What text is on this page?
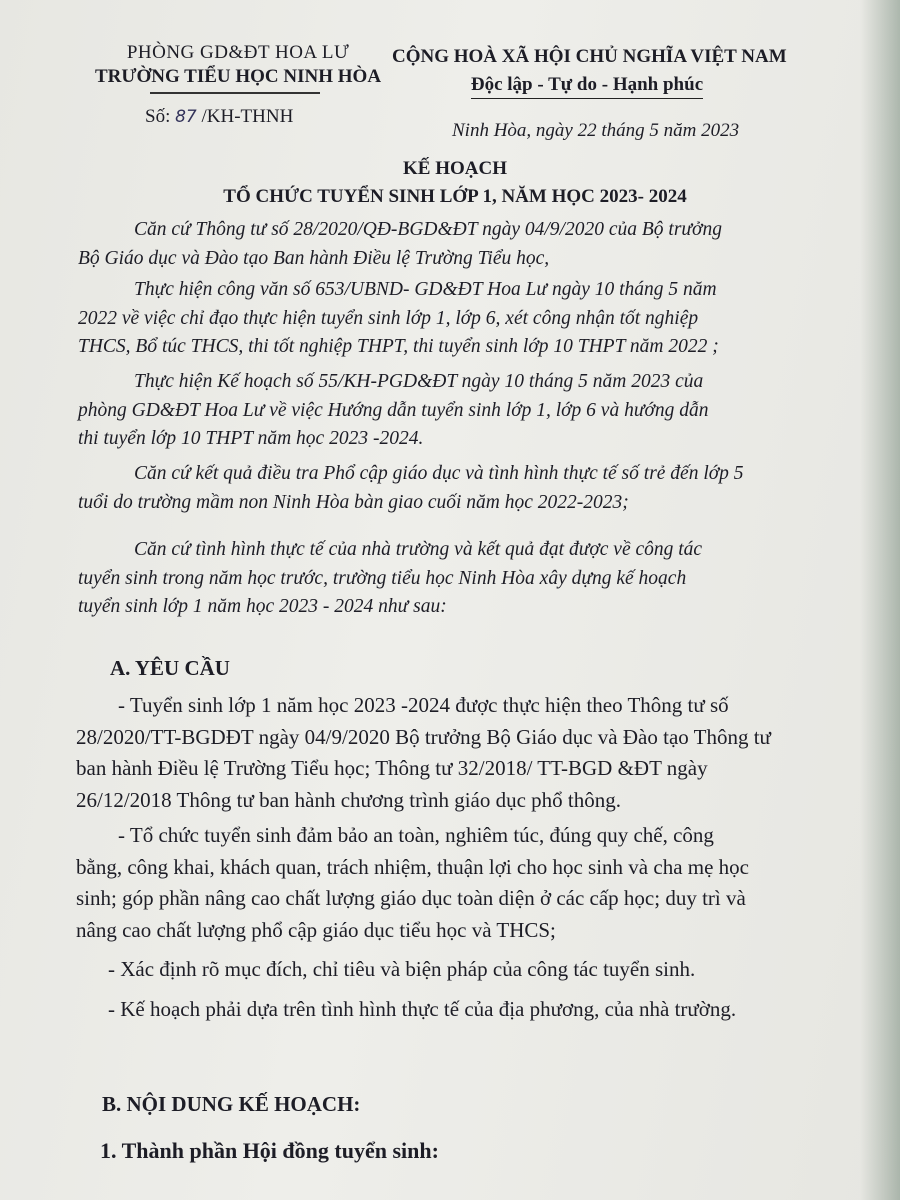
PHÒNG GD&ĐT HOA LƯ
TRƯỜNG TIỂU HỌC NINH HÒA
CỘNG HOÀ XÃ HỘI CHỦ NGHĨA VIỆT NAM
Độc lập - Tự do - Hạnh phúc
Số: 87 /KH-THNH
Ninh Hòa, ngày 22 tháng 5 năm 2023
KẾ HOẠCH
TỔ CHỨC TUYỂN SINH LỚP 1, NĂM HỌC 2023- 2024
Căn cứ Thông tư số 28/2020/QĐ-BGD&ĐT ngày 04/9/2020 của Bộ trưởng
Bộ Giáo dục và Đào tạo Ban hành Điều lệ Trường Tiểu học,
Thực hiện công văn số 653/UBND- GD&ĐT Hoa Lư ngày 10 tháng 5 năm
2022 về việc chỉ đạo thực hiện tuyển sinh lớp 1, lớp 6, xét công nhận tốt nghiệp
THCS, Bổ túc THCS, thi tốt nghiệp THPT, thi tuyển sinh lớp 10 THPT năm 2022 ;
Thực hiện Kế hoạch số 55/KH-PGD&ĐT ngày 10 tháng 5 năm 2023 của
phòng GD&ĐT Hoa Lư về việc Hướng dẫn tuyển sinh lớp 1, lớp 6 và hướng dẫn
thi tuyển lớp 10 THPT năm học 2023 -2024.
Căn cứ kết quả điều tra Phổ cập giáo dục và tình hình thực tế số trẻ đến lớp 5
tuổi do trường mầm non Ninh Hòa bàn giao cuối năm học 2022-2023;
Căn cứ tình hình thực tế của nhà trường và kết quả đạt được về công tác
tuyển sinh trong năm học trước, trường tiểu học Ninh Hòa xây dựng kế hoạch
tuyển sinh lớp 1 năm học 2023 - 2024 như sau:
A. YÊU CẦU
- Tuyển sinh lớp 1 năm học 2023 -2024 được thực hiện theo Thông tư số
28/2020/TT-BGDĐT ngày 04/9/2020 Bộ trưởng Bộ Giáo dục và Đào tạo Thông tư
ban hành Điều lệ Trường Tiểu học; Thông tư 32/2018/ TT-BGD &ĐT ngày
26/12/2018 Thông tư ban hành chương trình giáo dục phổ thông.
- Tổ chức tuyển sinh đảm bảo an toàn, nghiêm túc, đúng quy chế, công
bằng, công khai, khách quan, trách nhiệm, thuận lợi cho học sinh và cha mẹ học
sinh; góp phần nâng cao chất lượng giáo dục toàn diện ở các cấp học; duy trì và
nâng cao chất lượng phổ cập giáo dục tiểu học và THCS;
- Xác định rõ mục đích, chỉ tiêu và biện pháp của công tác tuyển sinh.
- Kế hoạch phải dựa trên tình hình thực tế của địa phương, của nhà trường.
B. NỘI DUNG KẾ HOẠCH:
1. Thành phần Hội đồng tuyển sinh:
